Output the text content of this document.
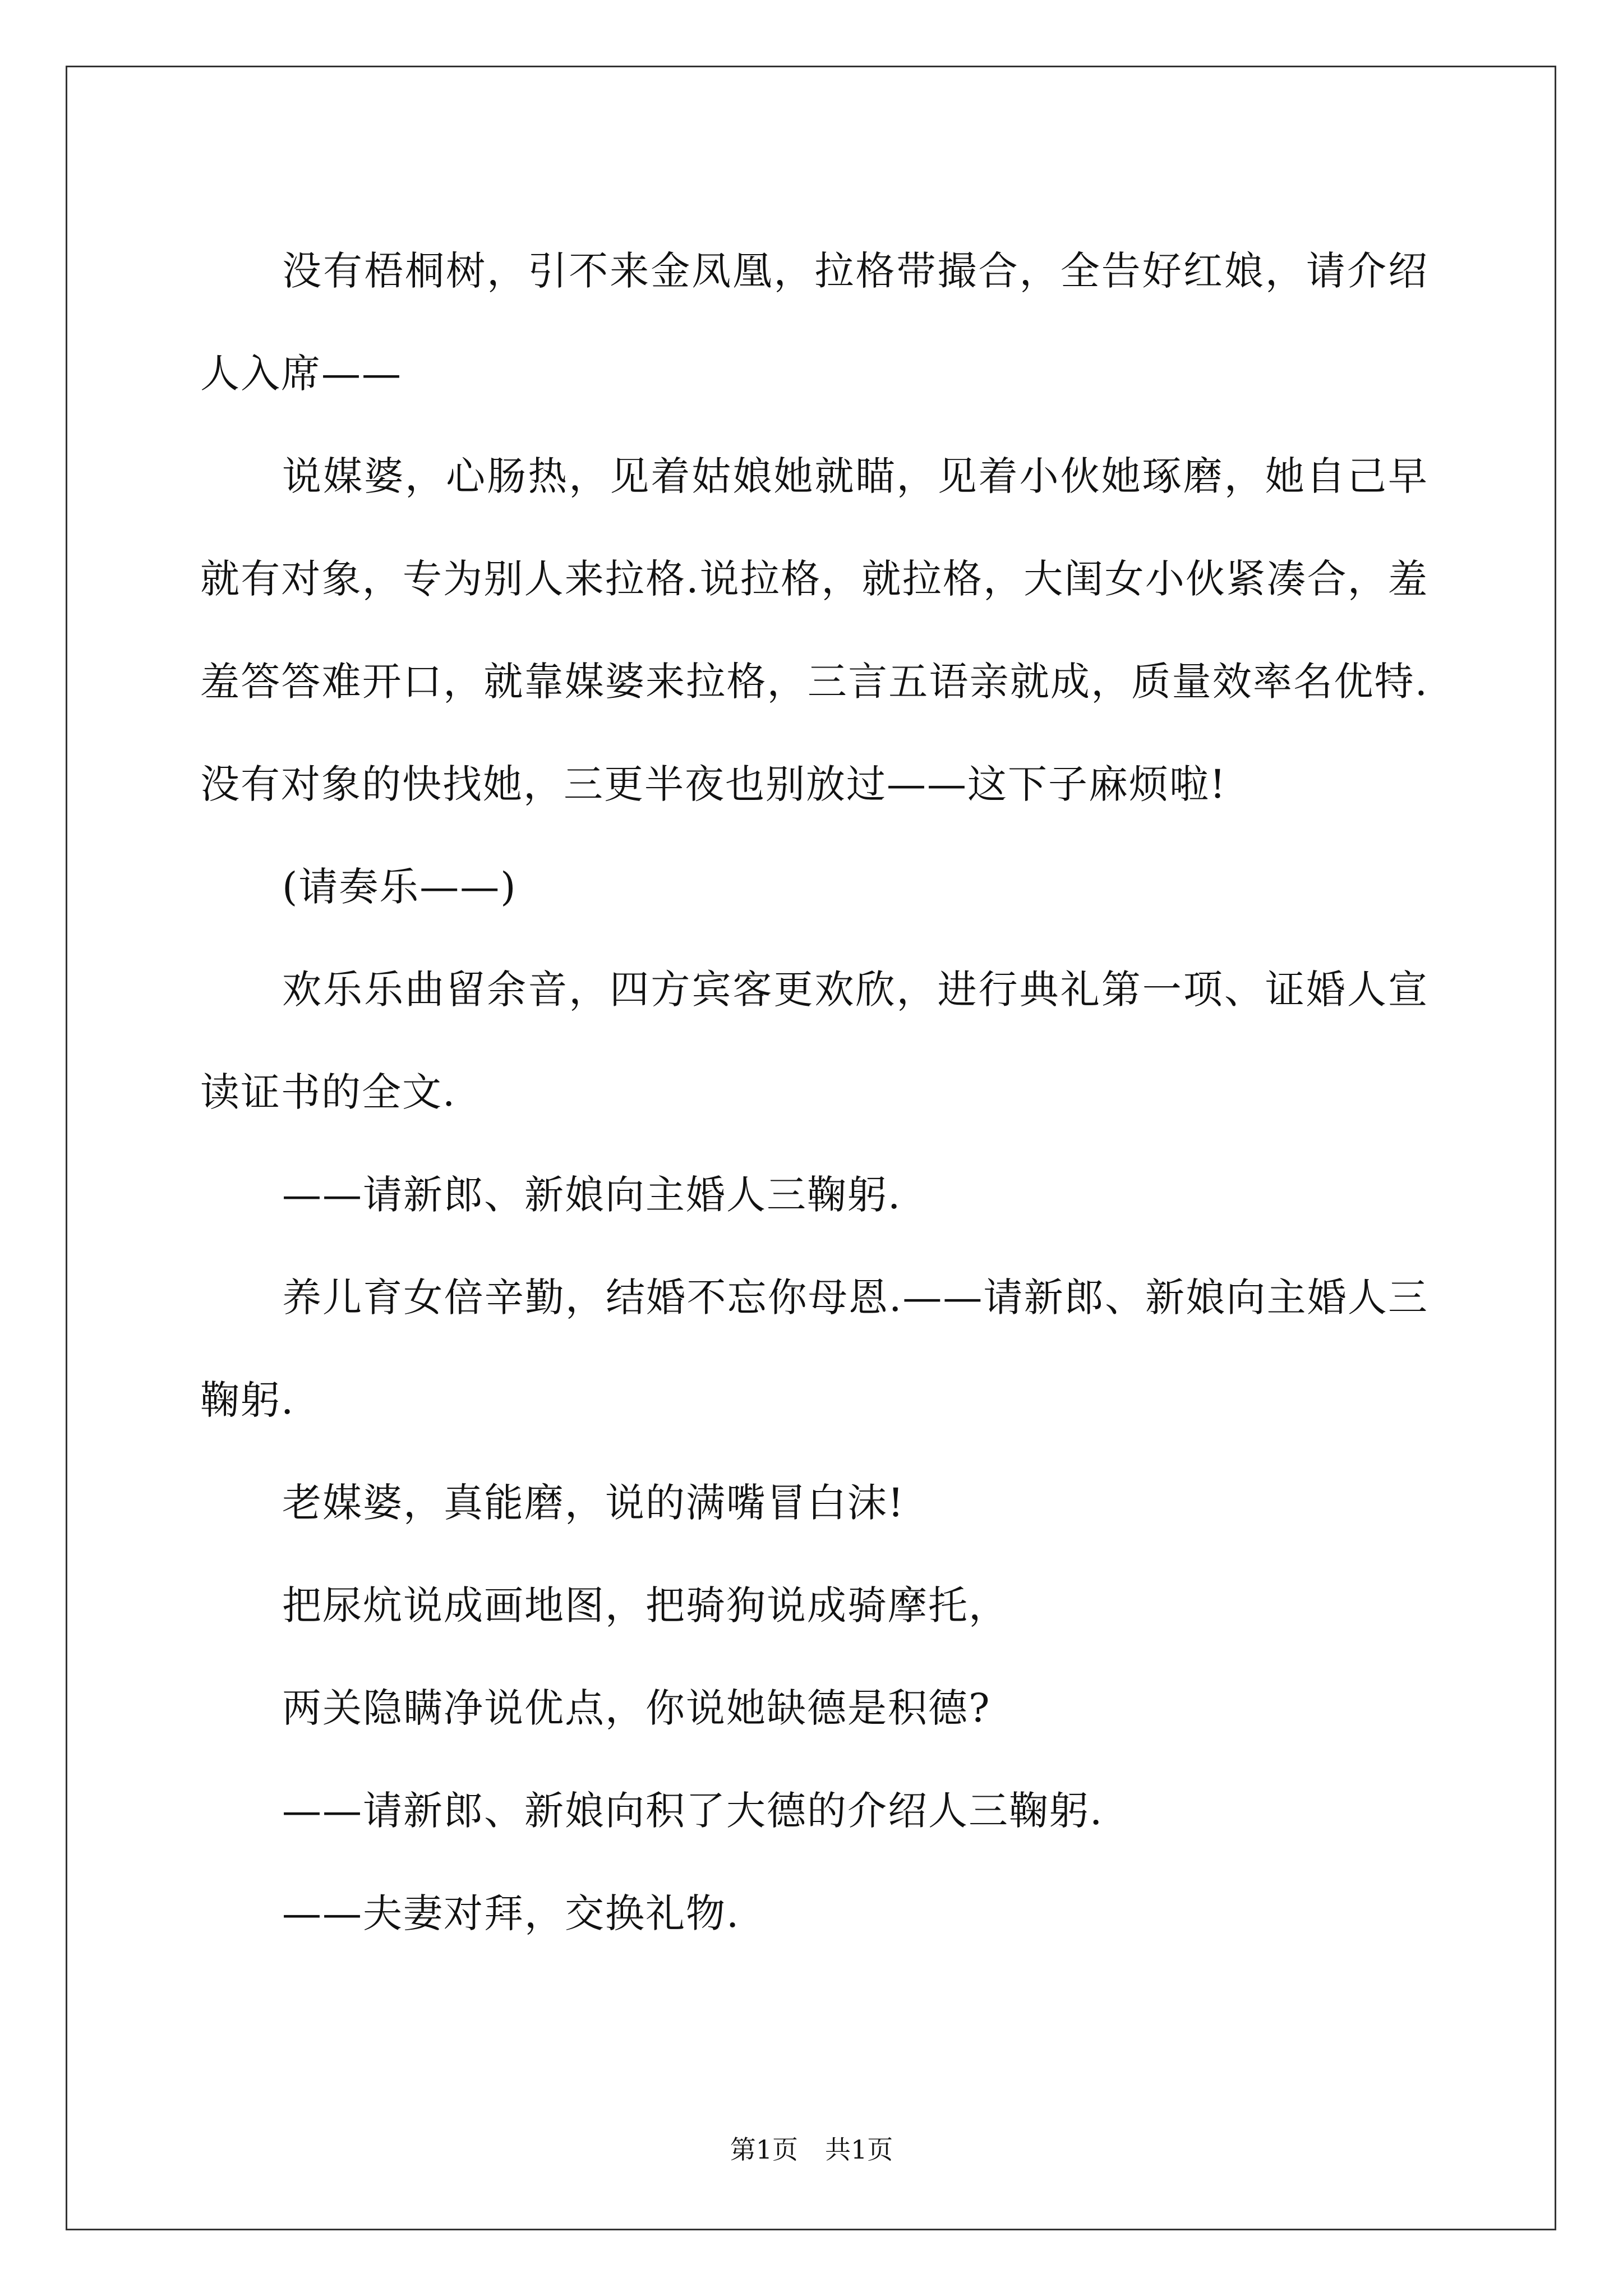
没有梧桐树，引不来金凤凰，拉格带撮合，全告好红娘，请介绍人入席——

说媒婆，心肠热，见着姑娘她就瞄，见着小伙她琢磨，她自己早就有对象，专为别人来拉格.说拉格，就拉格，大闺女小伙紧凑合，羞羞答答难开口，就靠媒婆来拉格，三言五语亲就成，质量效率名优特.没有对象的快找她，三更半夜也别放过——这下子麻烦啦!

(请奏乐——)

欢乐乐曲留余音，四方宾客更欢欣，进行典礼第一项、证婚人宣读证书的全文.

——请新郎、新娘向主婚人三鞠躬.

养儿育女倍辛勤，结婚不忘你母恩.——请新郎、新娘向主婚人三鞠躬.

老媒婆，真能磨，说的满嘴冒白沫!

把尿炕说成画地图，把骑狗说成骑摩托，

两关隐瞒净说优点，你说她缺德是积德?

——请新郎、新娘向积了大德的介绍人三鞠躬.

——夫妻对拜，交换礼物.

第1页 共1页
